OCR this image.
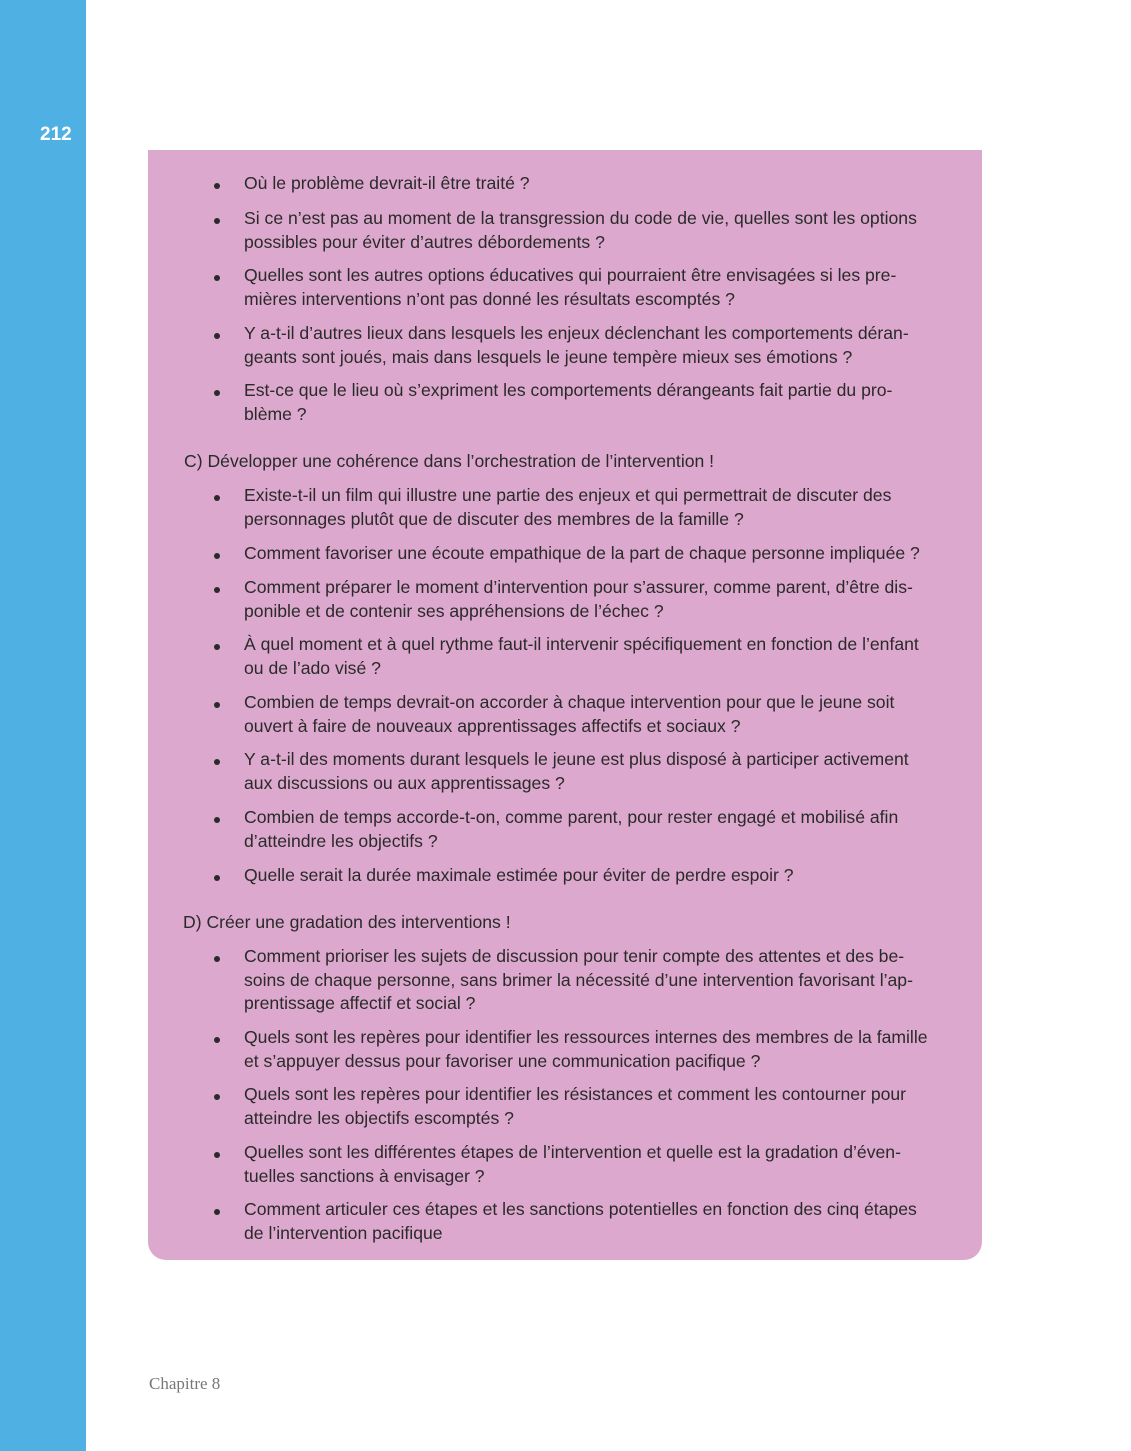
212
Où le problème devrait-il être traité ?
Si ce n’est pas au moment de la transgression du code de vie, quelles sont les options
possibles pour éviter d’autres débordements ?
Quelles sont les autres options éducatives qui pourraient être envisagées si les pre-
mières interventions n’ont pas donné les résultats escomptés ?
Y a-t-il d’autres lieux dans lesquels les enjeux déclenchant les comportements déran-
geants sont joués, mais dans lesquels le jeune tempère mieux ses émotions ?
Est-ce que le lieu où s’expriment les comportements dérangeants fait partie du pro-
blème ?
C) Développer une cohérence dans l’orchestration de l’intervention !
Existe-t-il un film qui illustre une partie des enjeux et qui permettrait de discuter des
personnages plutôt que de discuter des membres de la famille ?
Comment favoriser une écoute empathique de la part de chaque personne impliquée ?
Comment préparer le moment d’intervention pour s’assurer, comme parent, d’être dis-
ponible et de contenir ses appréhensions de l’échec ?
À quel moment et à quel rythme faut-il intervenir spécifiquement en fonction de l’enfant
ou de l’ado visé ?
Combien de temps devrait-on accorder à chaque intervention pour que le jeune soit
ouvert à faire de nouveaux apprentissages affectifs et sociaux ?
Y a-t-il des moments durant lesquels le jeune est plus disposé à participer activement
aux discussions ou aux apprentissages ?
Combien de temps accorde-t-on, comme parent, pour rester engagé et mobilisé afin
d’atteindre les objectifs ?
Quelle serait la durée maximale estimée pour éviter de perdre espoir ?
D) Créer une gradation des interventions !
Comment prioriser les sujets de discussion pour tenir compte des attentes et des be-
soins de chaque personne, sans brimer la nécessité d’une intervention favorisant l’ap-
prentissage affectif et social ?
Quels sont les repères pour identifier les ressources internes des membres de la famille
et s’appuyer dessus pour favoriser une communication pacifique ?
Quels sont les repères pour identifier les résistances et comment les contourner pour
atteindre les objectifs escomptés ?
Quelles sont les différentes étapes de l’intervention et quelle est la gradation d’éven-
tuelles sanctions à envisager ?
Comment articuler ces étapes et les sanctions potentielles en fonction des cinq étapes
de l’intervention pacifique
Chapitre 8
